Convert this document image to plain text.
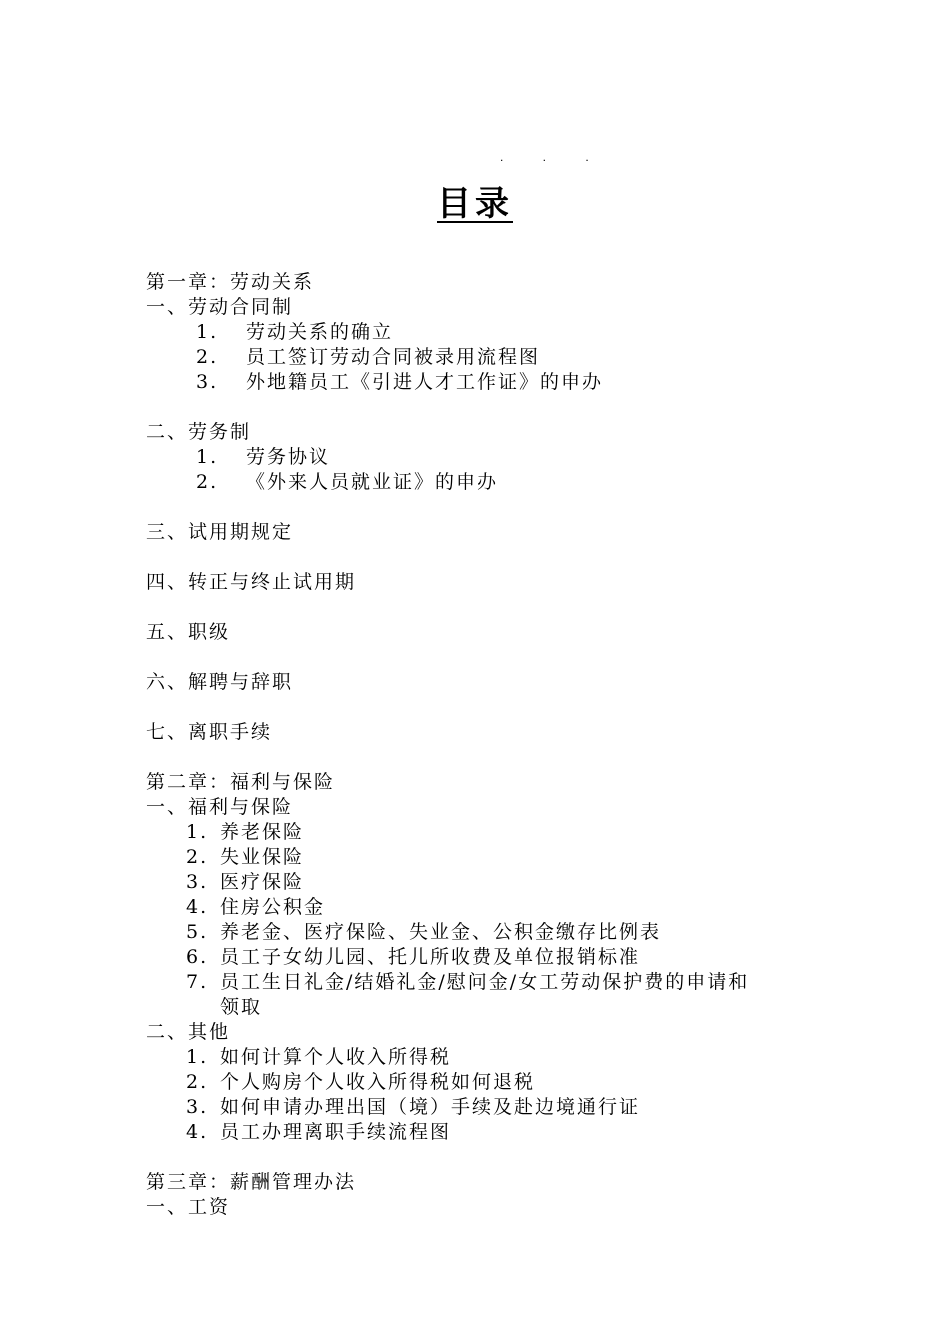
. . .
目录
第一章：劳动关系
一、劳动合同制
1.	劳动关系的确立
2.	员工签订劳动合同被录用流程图
3.	外地籍员工《引进人才工作证》的申办
二、劳务制
1.	劳务协议
2.	《外来人员就业证》的申办
三、试用期规定
四、转正与终止试用期
五、职级
六、解聘与辞职
七、离职手续
第二章：福利与保险
一、福利与保险
1. 养老保险
2. 失业保险
3. 医疗保险
4. 住房公积金
5. 养老金、医疗保险、失业金、公积金缴存比例表
6. 员工子女幼儿园、托儿所收费及单位报销标准
7. 员工生日礼金/结婚礼金/慰问金/女工劳动保护费的申请和
领取
二、其他
1. 如何计算个人收入所得税
2. 个人购房个人收入所得税如何退税
3. 如何申请办理出国（境）手续及赴边境通行证
4. 员工办理离职手续流程图
第三章：薪酬管理办法
一、工资
